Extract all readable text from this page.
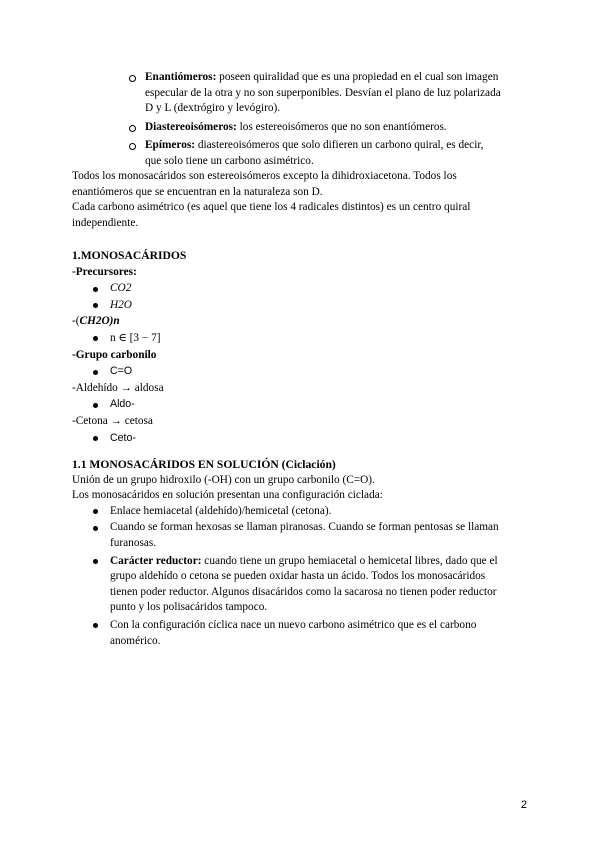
Enantiómeros: poseen quiralidad que es una propiedad en el cual son imagen
especular de la otra y no son superponibles. Desvían el plano de luz polarizada
D y L (dextrógiro y levógiro).
Diastereoisómeros: los estereoisómeros que no son enantiómeros.
Epímeros: diastereoisómeros que solo difieren un carbono quiral, es decir,
que solo tiene un carbono asimétrico.
Todos los monosacáridos son estereoisómeros excepto la dihidroxiacetona. Todos los
enantiómeros que se encuentran en la naturaleza son D.
Cada carbono asimétrico (es aquel que tiene los 4 radicales distintos) es un centro quiral
independiente.
1.MONOSACÁRIDOS
-Precursores:
CO2
H2O
-(CH2O)n
n ∈ [3 − 7]
-Grupo carbonilo
C=O
-Aldehído → aldosa
Aldo-
-Cetona → cetosa
Ceto-
1.1 MONOSACÁRIDOS EN SOLUCIÓN (Ciclación)
Unión de un grupo hidroxilo (-OH) con un grupo carbonilo (C=O).
Los monosacáridos en solución presentan una configuración ciclada:
Enlace hemiacetal (aldehído)/hemicetal (cetona).
Cuando se forman hexosas se llaman piranosas. Cuando se forman pentosas se llaman
furanosas.
Carácter reductor: cuando tiene un grupo hemiacetal o hemicetal libres, dado que el
grupo aldehído o cetona se pueden oxidar hasta un ácido. Todos los monosacáridos
tienen poder reductor. Algunos disacáridos como la sacarosa no tienen poder reductor
punto y los polisacáridos tampoco.
Con la configuración cíclica nace un nuevo carbono asimétrico que es el carbono
anomérico.
2
